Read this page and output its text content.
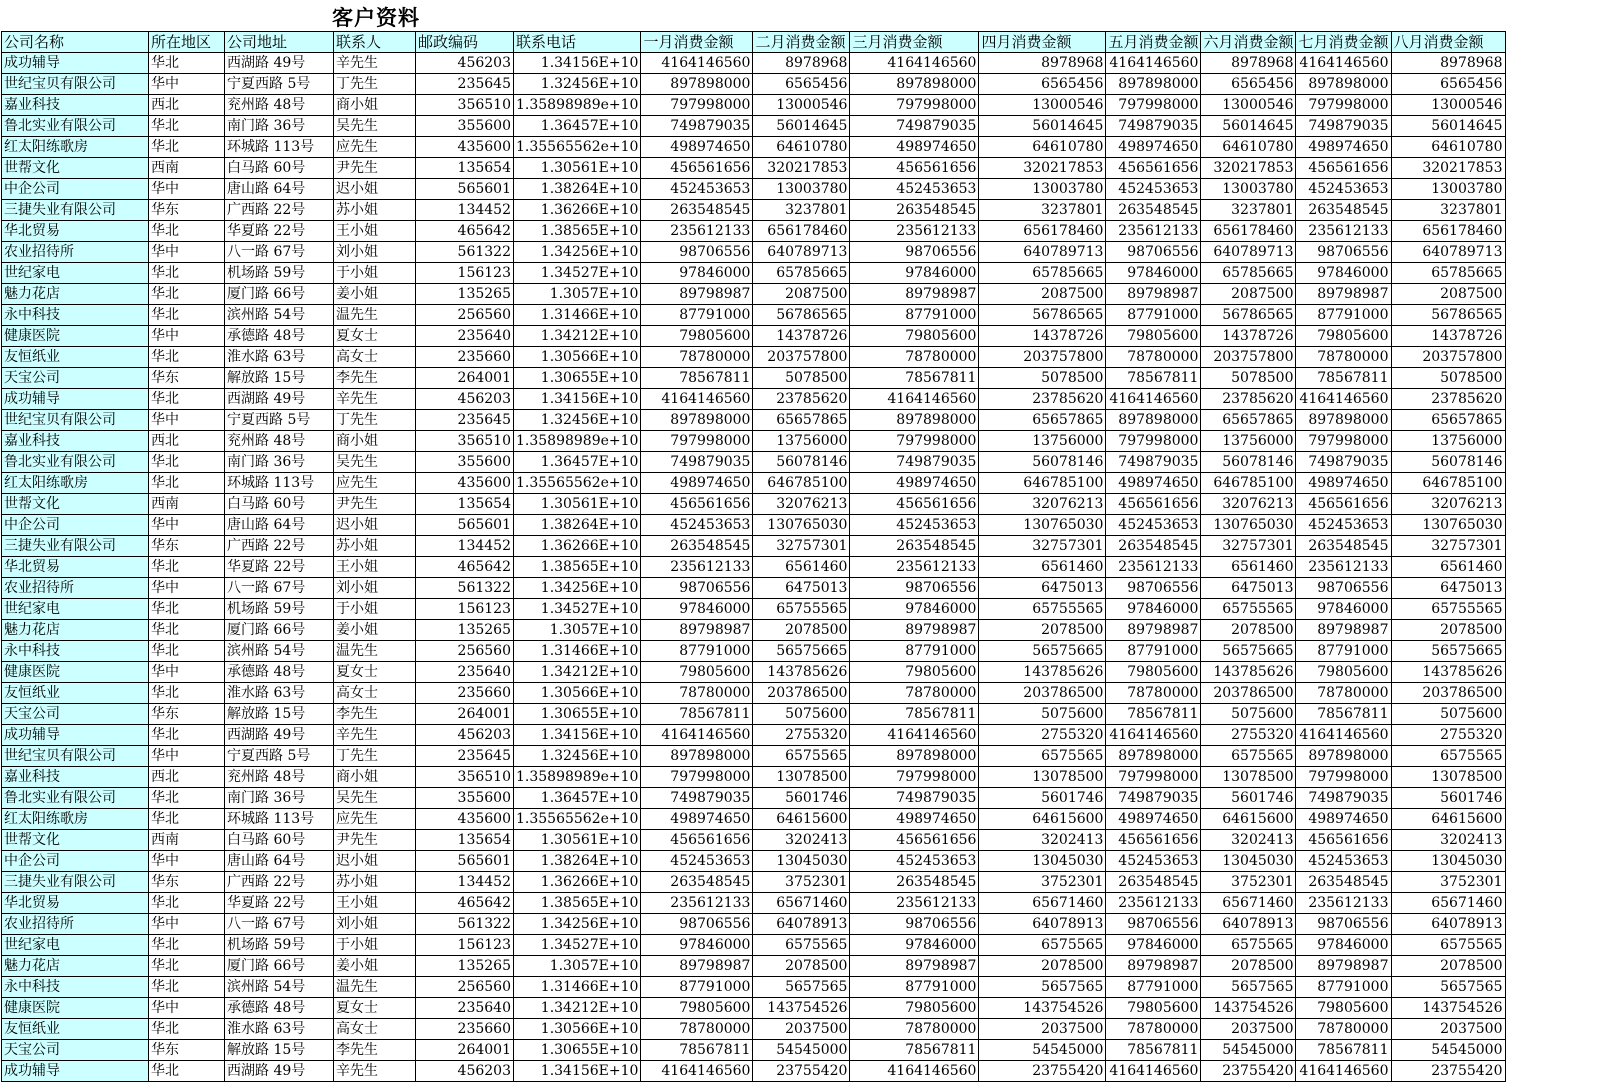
客户资料
公司名称	所在地区	公司地址	联系人	邮政编码	联系电话	一月消费金额	二月消费金额	三月消费金额	四月消费金额	五月消费金额	六月消费金额	七月消费金额	八月消费金额
成功辅导	华北	西湖路 49号	辛先生	456203	1.34156E+10	4164146560	8978968	4164146560	8978968	4164146560	8978968	4164146560	8978968
世纪宝贝有限公司	华中	宁夏西路 5号	丁先生	235645	1.32456E+10	897898000	6565456	897898000	6565456	897898000	6565456	897898000	6565456
嘉业科技	西北	兖州路 48号	商小姐	356510	1.35898989e+10	797998000	13000546	797998000	13000546	797998000	13000546	797998000	13000546
鲁北实业有限公司	华北	南门路 36号	吴先生	355600	1.36457E+10	749879035	56014645	749879035	56014645	749879035	56014645	749879035	56014645
红太阳练歌房	华北	环城路 113号	应先生	435600	1.35565562e+10	498974650	64610780	498974650	64610780	498974650	64610780	498974650	64610780
世帮文化	西南	白马路 60号	尹先生	135654	1.30561E+10	456561656	320217853	456561656	320217853	456561656	320217853	456561656	320217853
中企公司	华中	唐山路 64号	迟小姐	565601	1.38264E+10	452453653	13003780	452453653	13003780	452453653	13003780	452453653	13003780
三捷失业有限公司	华东	广西路 22号	苏小姐	134452	1.36266E+10	263548545	3237801	263548545	3237801	263548545	3237801	263548545	3237801
华北贸易	华北	华夏路 22号	王小姐	465642	1.38565E+10	235612133	656178460	235612133	656178460	235612133	656178460	235612133	656178460
农业招待所	华中	八一路 67号	刘小姐	561322	1.34256E+10	98706556	640789713	98706556	640789713	98706556	640789713	98706556	640789713
世纪家电	华北	机场路 59号	于小姐	156123	1.34527E+10	97846000	65785665	97846000	65785665	97846000	65785665	97846000	65785665
魅力花店	华北	厦门路 66号	姜小姐	135265	1.3057E+10	89798987	2087500	89798987	2087500	89798987	2087500	89798987	2087500
永中科技	华北	滨州路 54号	温先生	256560	1.31466E+10	87791000	56786565	87791000	56786565	87791000	56786565	87791000	56786565
健康医院	华中	承德路 48号	夏女士	235640	1.34212E+10	79805600	14378726	79805600	14378726	79805600	14378726	79805600	14378726
友恒纸业	华北	淮水路 63号	高女士	235660	1.30566E+10	78780000	203757800	78780000	203757800	78780000	203757800	78780000	203757800
天宝公司	华东	解放路 15号	李先生	264001	1.30655E+10	78567811	5078500	78567811	5078500	78567811	5078500	78567811	5078500
成功辅导	华北	西湖路 49号	辛先生	456203	1.34156E+10	4164146560	23785620	4164146560	23785620	4164146560	23785620	4164146560	23785620
世纪宝贝有限公司	华中	宁夏西路 5号	丁先生	235645	1.32456E+10	897898000	65657865	897898000	65657865	897898000	65657865	897898000	65657865
嘉业科技	西北	兖州路 48号	商小姐	356510	1.35898989e+10	797998000	13756000	797998000	13756000	797998000	13756000	797998000	13756000
鲁北实业有限公司	华北	南门路 36号	吴先生	355600	1.36457E+10	749879035	56078146	749879035	56078146	749879035	56078146	749879035	56078146
红太阳练歌房	华北	环城路 113号	应先生	435600	1.35565562e+10	498974650	646785100	498974650	646785100	498974650	646785100	498974650	646785100
世帮文化	西南	白马路 60号	尹先生	135654	1.30561E+10	456561656	32076213	456561656	32076213	456561656	32076213	456561656	32076213
中企公司	华中	唐山路 64号	迟小姐	565601	1.38264E+10	452453653	130765030	452453653	130765030	452453653	130765030	452453653	130765030
三捷失业有限公司	华东	广西路 22号	苏小姐	134452	1.36266E+10	263548545	32757301	263548545	32757301	263548545	32757301	263548545	32757301
华北贸易	华北	华夏路 22号	王小姐	465642	1.38565E+10	235612133	6561460	235612133	6561460	235612133	6561460	235612133	6561460
农业招待所	华中	八一路 67号	刘小姐	561322	1.34256E+10	98706556	6475013	98706556	6475013	98706556	6475013	98706556	6475013
世纪家电	华北	机场路 59号	于小姐	156123	1.34527E+10	97846000	65755565	97846000	65755565	97846000	65755565	97846000	65755565
魅力花店	华北	厦门路 66号	姜小姐	135265	1.3057E+10	89798987	2078500	89798987	2078500	89798987	2078500	89798987	2078500
永中科技	华北	滨州路 54号	温先生	256560	1.31466E+10	87791000	56575665	87791000	56575665	87791000	56575665	87791000	56575665
健康医院	华中	承德路 48号	夏女士	235640	1.34212E+10	79805600	143785626	79805600	143785626	79805600	143785626	79805600	143785626
友恒纸业	华北	淮水路 63号	高女士	235660	1.30566E+10	78780000	203786500	78780000	203786500	78780000	203786500	78780000	203786500
天宝公司	华东	解放路 15号	李先生	264001	1.30655E+10	78567811	5075600	78567811	5075600	78567811	5075600	78567811	5075600
成功辅导	华北	西湖路 49号	辛先生	456203	1.34156E+10	4164146560	2755320	4164146560	2755320	4164146560	2755320	4164146560	2755320
世纪宝贝有限公司	华中	宁夏西路 5号	丁先生	235645	1.32456E+10	897898000	6575565	897898000	6575565	897898000	6575565	897898000	6575565
嘉业科技	西北	兖州路 48号	商小姐	356510	1.35898989e+10	797998000	13078500	797998000	13078500	797998000	13078500	797998000	13078500
鲁北实业有限公司	华北	南门路 36号	吴先生	355600	1.36457E+10	749879035	5601746	749879035	5601746	749879035	5601746	749879035	5601746
红太阳练歌房	华北	环城路 113号	应先生	435600	1.35565562e+10	498974650	64615600	498974650	64615600	498974650	64615600	498974650	64615600
世帮文化	西南	白马路 60号	尹先生	135654	1.30561E+10	456561656	3202413	456561656	3202413	456561656	3202413	456561656	3202413
中企公司	华中	唐山路 64号	迟小姐	565601	1.38264E+10	452453653	13045030	452453653	13045030	452453653	13045030	452453653	13045030
三捷失业有限公司	华东	广西路 22号	苏小姐	134452	1.36266E+10	263548545	3752301	263548545	3752301	263548545	3752301	263548545	3752301
华北贸易	华北	华夏路 22号	王小姐	465642	1.38565E+10	235612133	65671460	235612133	65671460	235612133	65671460	235612133	65671460
农业招待所	华中	八一路 67号	刘小姐	561322	1.34256E+10	98706556	64078913	98706556	64078913	98706556	64078913	98706556	64078913
世纪家电	华北	机场路 59号	于小姐	156123	1.34527E+10	97846000	6575565	97846000	6575565	97846000	6575565	97846000	6575565
魅力花店	华北	厦门路 66号	姜小姐	135265	1.3057E+10	89798987	2078500	89798987	2078500	89798987	2078500	89798987	2078500
永中科技	华北	滨州路 54号	温先生	256560	1.31466E+10	87791000	5657565	87791000	5657565	87791000	5657565	87791000	5657565
健康医院	华中	承德路 48号	夏女士	235640	1.34212E+10	79805600	143754526	79805600	143754526	79805600	143754526	79805600	143754526
友恒纸业	华北	淮水路 63号	高女士	235660	1.30566E+10	78780000	2037500	78780000	2037500	78780000	2037500	78780000	2037500
天宝公司	华东	解放路 15号	李先生	264001	1.30655E+10	78567811	54545000	78567811	54545000	78567811	54545000	78567811	54545000
成功辅导	华北	西湖路 49号	辛先生	456203	1.34156E+10	4164146560	23755420	4164146560	23755420	4164146560	23755420	4164146560	23755420
